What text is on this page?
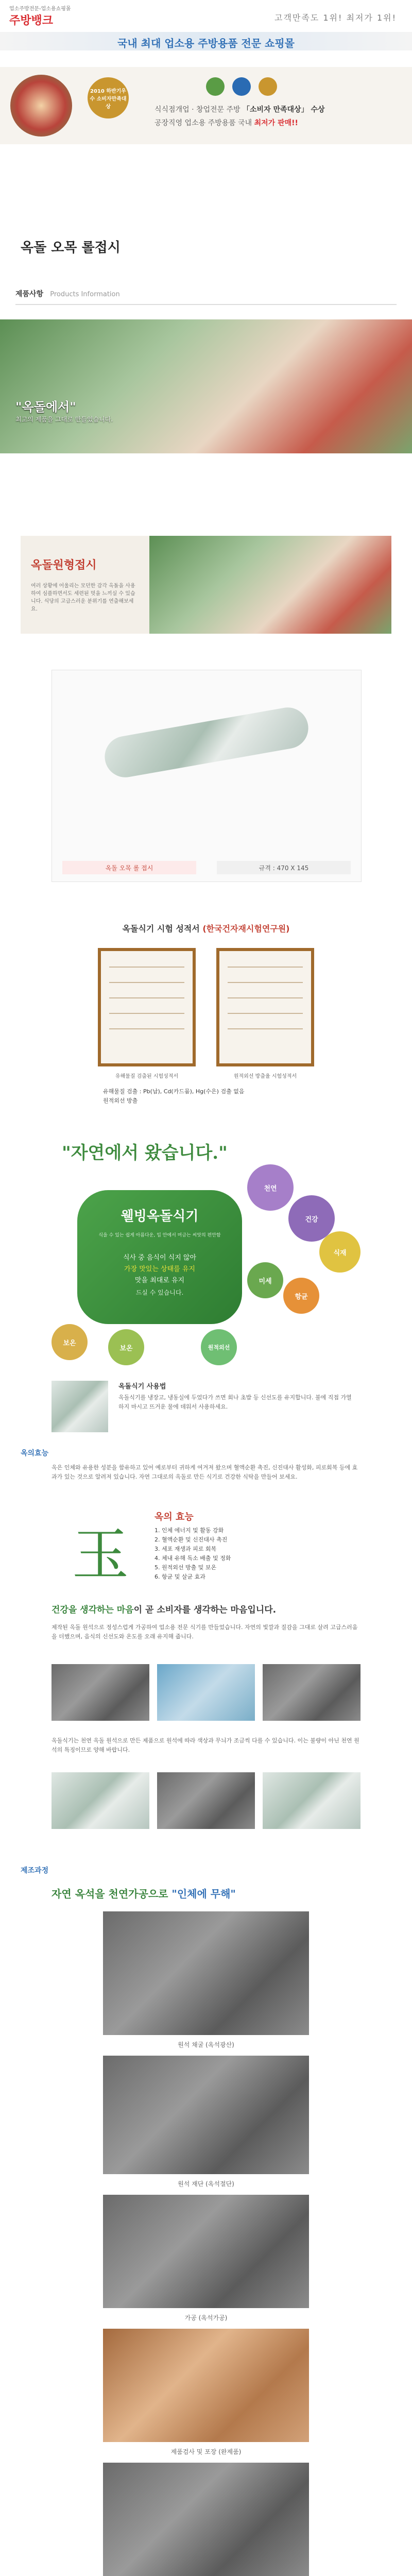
업소주방전문-업소용쇼핑몰
주방뱅크	고객만족도 1위! 최저가 1위!
국내 최대 업소용 주방용품 전문 쇼핑몰
2010 하반기우수 소비자만족대상
	식식점개업 · 창업전문 주방 「소비자 만족대상」 수상
공장직영 업소용 주방용품 국내 최저가 판매!!
옥돌 오목 롤접시
제품사항 Products Information
"옥돌에서"
최고의 제품을 그대로 만들었습니다.
옥돌원형접시
여러 상황에 어울리는 모던한 감각 옥돌을 사용하여 심플하면서도 세련된 멋을 느끼실 수 있습니다. 식당의 고급스러운 분위기를 연출해보세요.
옥돌 오목 롤 접시	규격 : 470 X 145
옥돌식기 시험 성적서 (한국건자재시험연구원)
유해물질 검출된 시험성적서	원적외선 방출율 시험성적서
유해물질 검출 : Pb(납), Cd(카드뮴), Hg(수은) 검출 없음
원적외선 방출
"자연에서 왔습니다."
웰빙옥돌식기
식을 수 있는 쉽게 아름다운, 입 안에서 머금는 씨앗의 편안함
식사 중 음식이 식지 않아
가장 맛있는 상태를 유지
맛을 최대로 유지
드실 수 있습니다.
천연
건강
식재
보온
미세
항균
보온	원적외선
옥돌식기 사용법
옥돌식기를 냉장고, 냉동실에 두었다가 쓰면 회나 초밥 등 신선도를 유지합니다. 불에 직접 가열하지 마시고 뜨거운 물에 데워서 사용하세요.
옥의효능
옥은 인체와 유용한 성분을 함유하고 있어 예로부터 귀하게 여겨져 왔으며 혈액순환 촉진, 신진대사 활성화, 피로회복 등에 효과가 있는 것으로 알려져 있습니다. 자연 그대로의 옥돌로 만든 식기로 건강한 식탁을 만들어 보세요.
玉
옥의 효능
1. 인체 에너지 및 활동 강화
2. 혈액순환 및 신진대사 촉진
3. 세포 재생과 피로 회복
4. 체내 유해 독소 배출 및 정화
5. 원적외선 방출 및 보온
6. 항균 및 살균 효과
건강을 생각하는 마음이 곧 소비자를 생각하는 마음입니다.
제작된 옥돌 원석으로 정성스럽게 가공하여 업소용 전문 식기를 만들었습니다. 자연의 빛깔과 질감을 그대로 살려 고급스러움을 더했으며, 음식의 신선도와 온도를 오래 유지해 줍니다.
옥돌식기는 천연 옥돌 원석으로 만든 제품으로 원석에 따라 색상과 무늬가 조금씩 다를 수 있습니다. 이는 불량이 아닌 천연 원석의 특징이므로 양해 바랍니다.
제조과정
자연 옥석을 천연가공으로 "인체에 무해"
원석 채굴 (옥석광산)
원석 재단 (옥석절단)
가공 (옥석가공)
제품검사 및 포장 (완제품)
